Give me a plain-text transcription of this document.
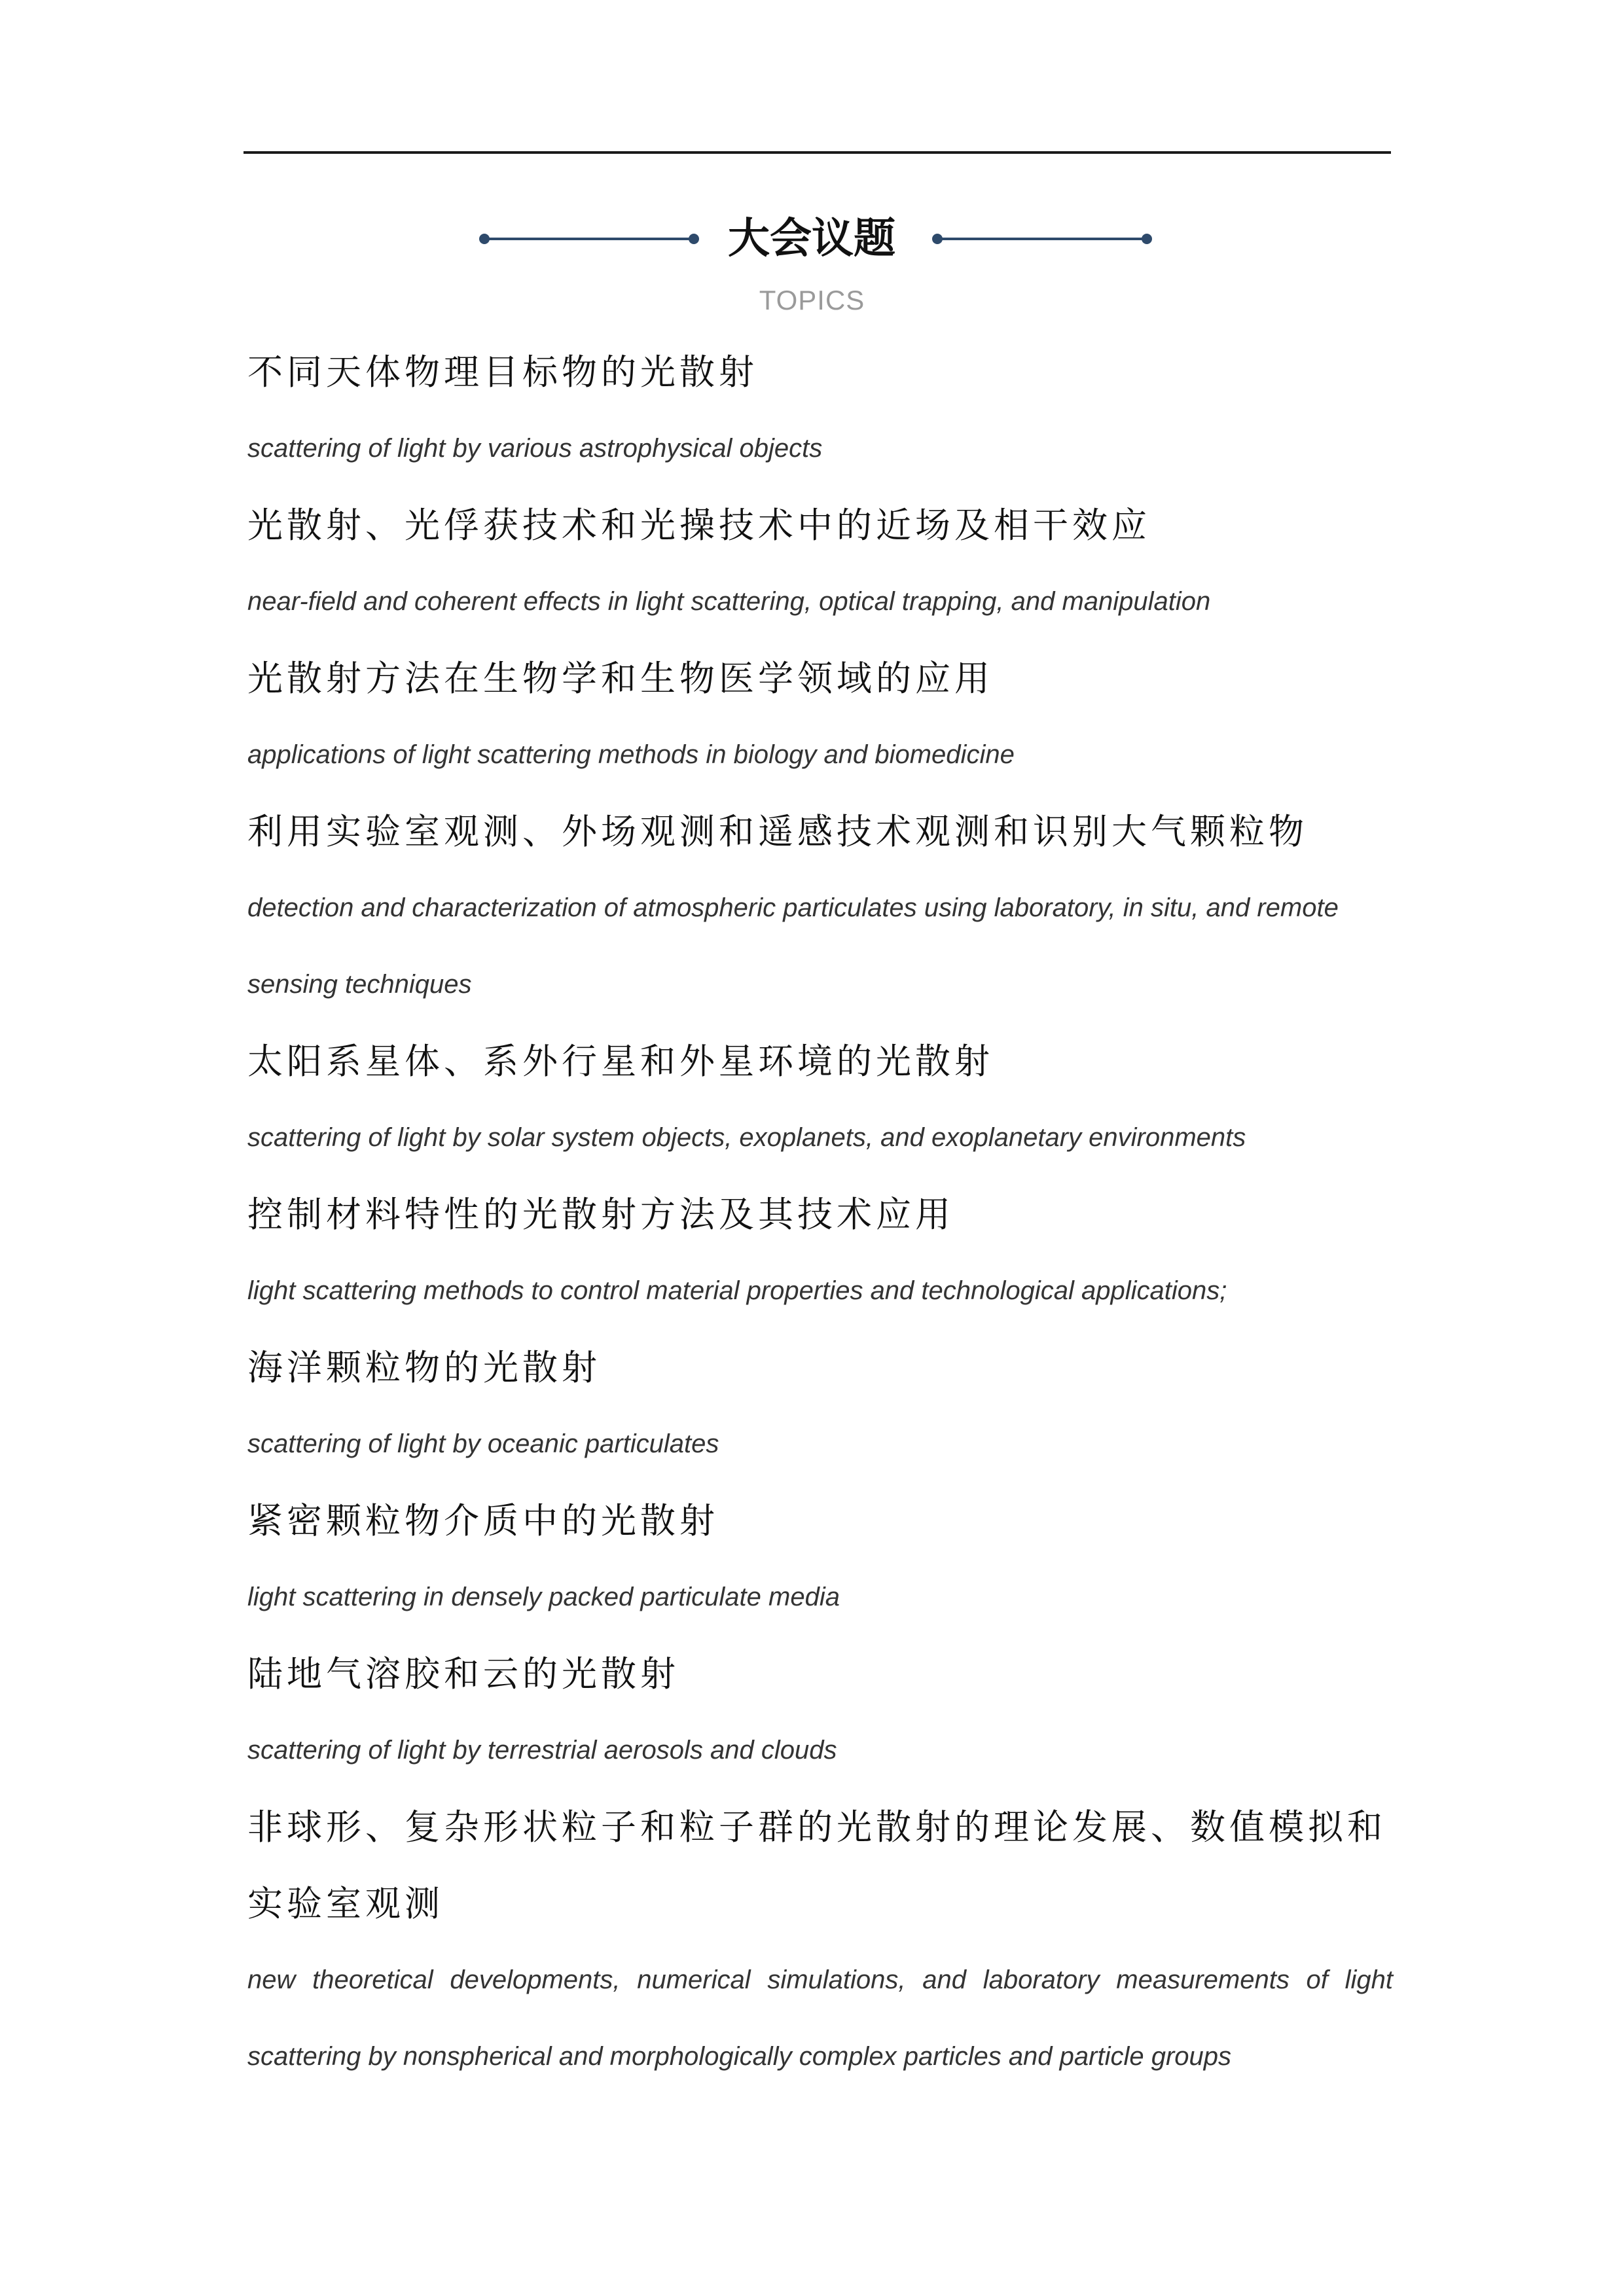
大会议题
TOPICS

不同天体物理目标物的光散射

scattering of light by various astrophysical objects

光散射、光俘获技术和光操技术中的近场及相干效应

near-field and coherent effects in light scattering, optical trapping, and manipulation

光散射方法在生物学和生物医学领域的应用

applications of light scattering methods in biology and biomedicine

利用实验室观测、外场观测和遥感技术观测和识别大气颗粒物

detection and characterization of atmospheric particulates using laboratory, in situ, and remote sensing techniques

太阳系星体、系外行星和外星环境的光散射

scattering of light by solar system objects, exoplanets, and exoplanetary environments

控制材料特性的光散射方法及其技术应用

light scattering methods to control material properties and technological applications;

海洋颗粒物的光散射

scattering of light by oceanic particulates

紧密颗粒物介质中的光散射

light scattering in densely packed particulate media

陆地气溶胶和云的光散射

scattering of light by terrestrial aerosols and clouds

非球形、复杂形状粒子和粒子群的光散射的理论发展、数值模拟和实验室观测

new theoretical developments, numerical simulations, and laboratory measurements of light scattering by nonspherical and morphologically complex particles and particle groups
